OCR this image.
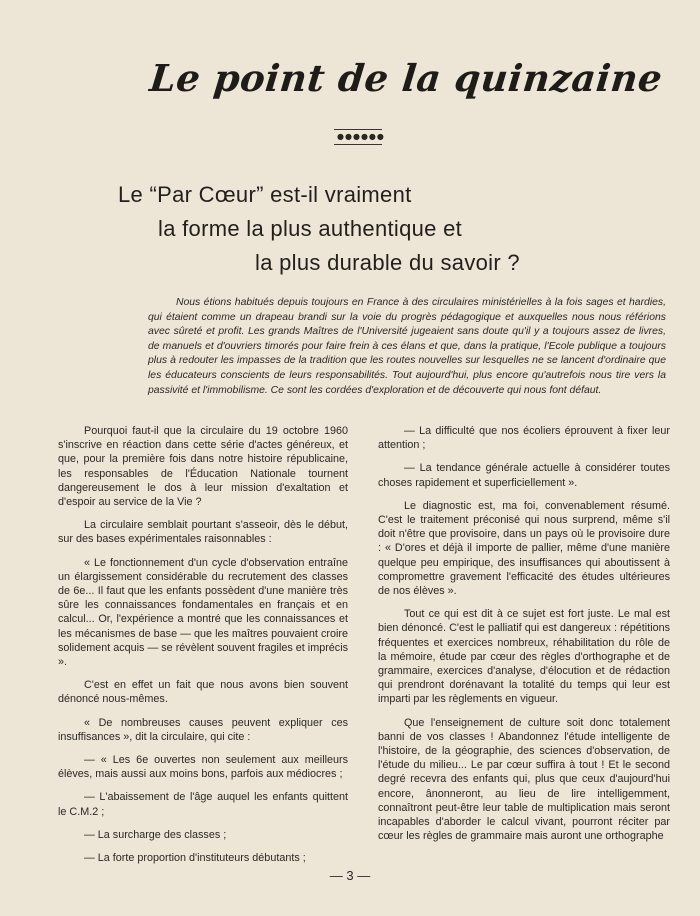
Le point de la quinzaine
●●●●●●
Le “Par Cœur” est-il vraiment
la forme la plus authentique et
la plus durable du savoir ?
Nous étions habitués depuis toujours en France à des circulaires ministérielles à la fois sages et hardies, qui étaient comme un drapeau brandi sur la voie du progrès pédagogique et auxquelles nous nous référions avec sûreté et profit. Les grands Maîtres de l'Université jugeaient sans doute qu'il y a toujours assez de livres, de manuels et d'ouvriers timorés pour faire frein à ces élans et que, dans la pratique, l'Ecole publique a toujours plus à redouter les impasses de la tradition que les routes nouvelles sur lesquelles ne se lancent d'ordinaire que les éducateurs conscients de leurs responsabilités. Tout aujourd'hui, plus encore qu'autrefois nous tire vers la passivité et l'immobilisme. Ce sont les cordées d'exploration et de découverte qui nous font défaut.

Pourquoi faut-il que la circulaire du 19 octobre 1960 s'inscrive en réaction dans cette série d'actes généreux, et que, pour la première fois dans notre histoire républicaine, les responsables de l'Éducation Nationale tournent dangereusement le dos à leur mission d'exaltation et d'espoir au service de la Vie ?

La circulaire semblait pourtant s'asseoir, dès le début, sur des bases expérimentales raisonnables :

« Le fonctionnement d'un cycle d'observation entraîne un élargissement considérable du recrutement des classes de 6e... Il faut que les enfants possèdent d'une manière très sûre les connaissances fondamentales en français et en calcul... Or, l'expérience a montré que les connaissances et les mécanismes de base — que les maîtres pouvaient croire solidement acquis — se révèlent souvent fragiles et imprécis ».

C'est en effet un fait que nous avons bien souvent dénoncé nous-mêmes.

« De nombreuses causes peuvent expliquer ces insuffisances », dit la circulaire, qui cite :

— « Les 6e ouvertes non seulement aux meilleurs élèves, mais aussi aux moins bons, parfois aux médiocres ;

— L'abaissement de l'âge auquel les enfants quittent le C.M.2 ;

— La surcharge des classes ;

— La forte proportion d'instituteurs débutants ;

— La difficulté que nos écoliers éprouvent à fixer leur attention ;

— La tendance générale actuelle à considérer toutes choses rapidement et superficiellement ».

Le diagnostic est, ma foi, convenablement résumé. C'est le traitement préconisé qui nous surprend, même s'il doit n'être que provisoire, dans un pays où le provisoire dure : « D'ores et déjà il importe de pallier, même d'une manière quelque peu empirique, des insuffisances qui aboutissent à compromettre gravement l'efficacité des études ultérieures de nos élèves ».

Tout ce qui est dit à ce sujet est fort juste. Le mal est bien dénoncé. C'est le palliatif qui est dangereux : répétitions fréquentes et exercices nombreux, réhabilitation du rôle de la mémoire, étude par cœur des règles d'orthographe et de grammaire, exercices d'analyse, d'élocution et de rédaction qui prendront dorénavant la totalité du temps qui leur est imparti par les règlements en vigueur.

Que l'enseignement de culture soit donc totalement banni de vos classes ! Abandonnez l'étude intelligente de l'histoire, de la géographie, des sciences d'observation, de l'étude du milieu... Le par cœur suffira à tout ! Et le second degré recevra des enfants qui, plus que ceux d'aujourd'hui encore, ânonneront, au lieu de lire intelligemment, connaîtront peut-être leur table de multiplication mais seront incapables d'aborder le calcul vivant, pourront réciter par cœur les règles de grammaire mais auront une orthographe

— 3 —
